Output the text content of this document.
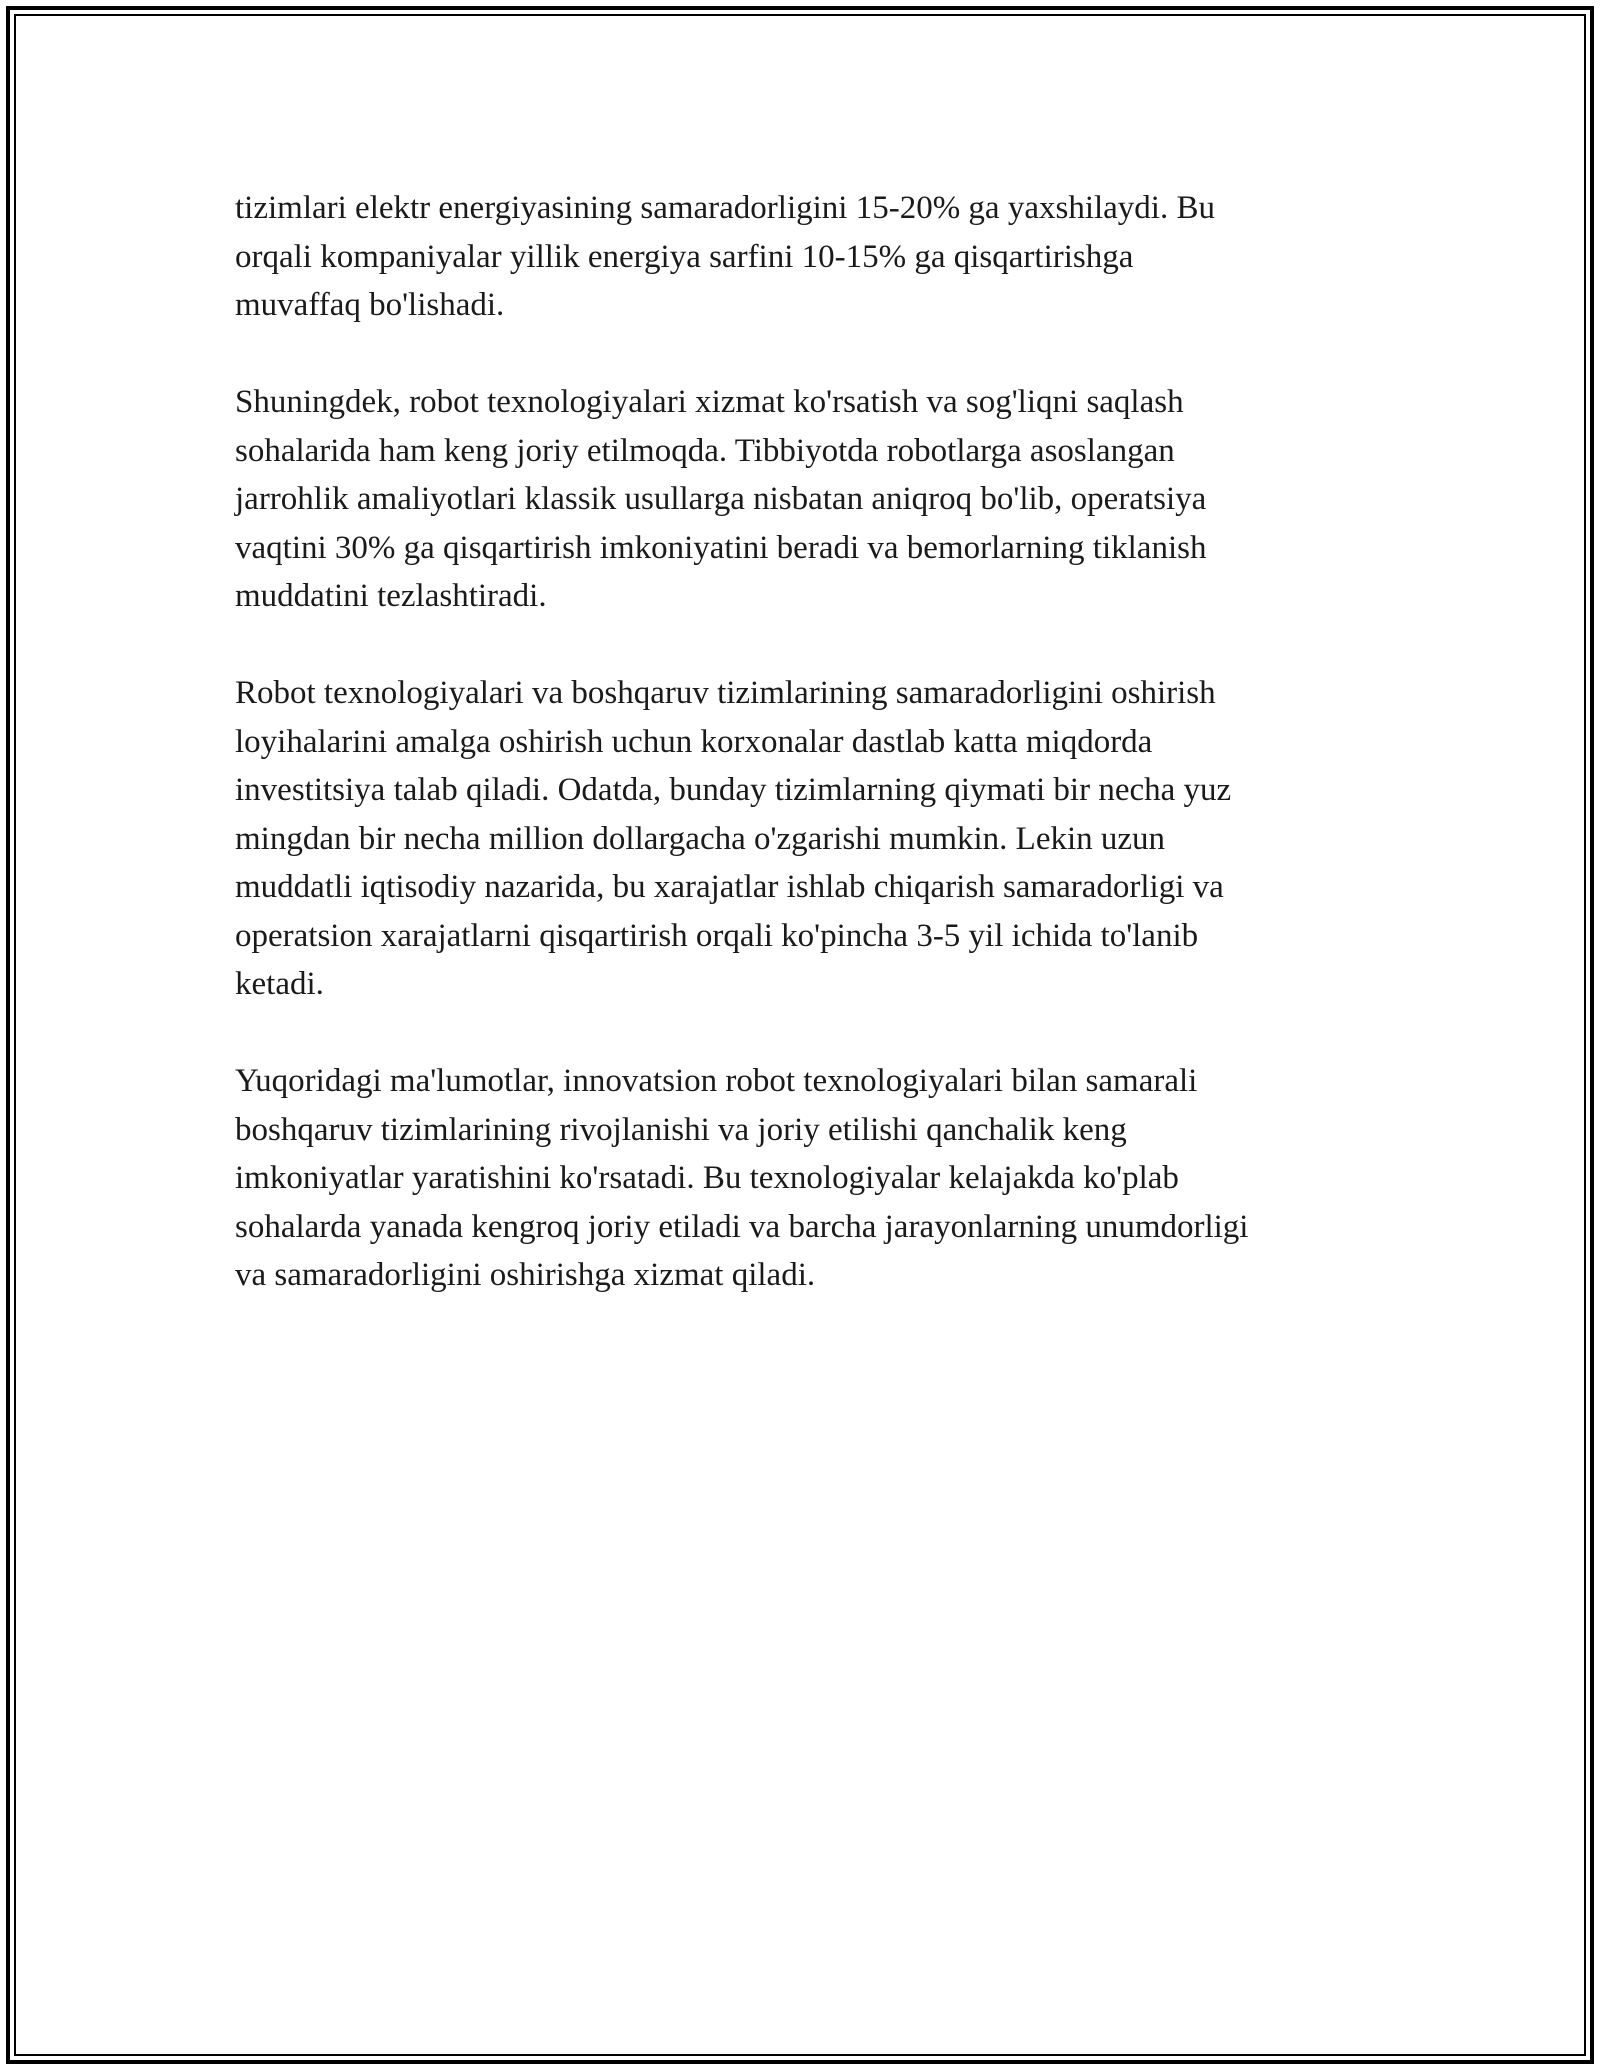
tizimlari elektr energiyasining samaradorligini 15-20% ga yaxshilaydi. Bu
orqali kompaniyalar yillik energiya sarfini 10-15% ga qisqartirishga
muvaffaq bo'lishadi.

Shuningdek, robot texnologiyalari xizmat ko'rsatish va sog'liqni saqlash
sohalarida ham keng joriy etilmoqda. Tibbiyotda robotlarga asoslangan
jarrohlik amaliyotlari klassik usullarga nisbatan aniqroq bo'lib, operatsiya
vaqtini 30% ga qisqartirish imkoniyatini beradi va bemorlarning tiklanish
muddatini tezlashtiradi.

Robot texnologiyalari va boshqaruv tizimlarining samaradorligini oshirish
loyihalarini amalga oshirish uchun korxonalar dastlab katta miqdorda
investitsiya talab qiladi. Odatda, bunday tizimlarning qiymati bir necha yuz
mingdan bir necha million dollargacha o'zgarishi mumkin. Lekin uzun
muddatli iqtisodiy nazarida, bu xarajatlar ishlab chiqarish samaradorligi va
operatsion xarajatlarni qisqartirish orqali ko'pincha 3-5 yil ichida to'lanib
ketadi.

Yuqoridagi ma'lumotlar, innovatsion robot texnologiyalari bilan samarali
boshqaruv tizimlarining rivojlanishi va joriy etilishi qanchalik keng
imkoniyatlar yaratishini ko'rsatadi. Bu texnologiyalar kelajakda ko'plab
sohalarda yanada kengroq joriy etiladi va barcha jarayonlarning unumdorligi
va samaradorligini oshirishga xizmat qiladi.
